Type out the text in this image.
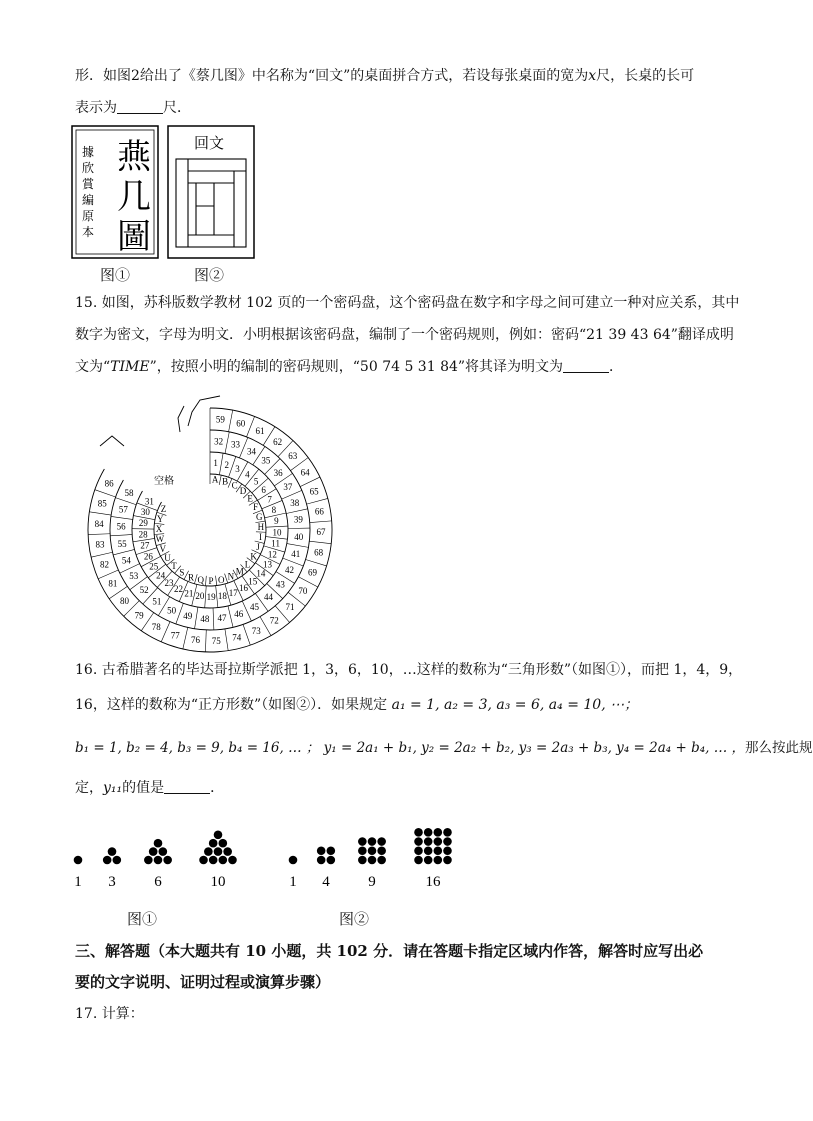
形．如图2给出了《蔡几图》中名称为“回文”的桌面拼合方式，若设每张桌面的宽为x尺，长桌的长可
表示为	尺．
燕
几
圖
據
欣
賞
編
原
本
回文
图①	图②
15. 如图，苏科版数学教材 102 页的一个密码盘，这个密码盘在数字和字母之间可建立一种对应关系，其中
数字为密文，字母为明文．小明根据该密码盘，编制了一个密码规则，例如：密码“21 39 43 64”翻译成明
文为“TIME”，按照小明的编制的密码规则，“50 74 5 31 84”将其译为明文为	．
A B C
D
E
F
G
H
I
J
K
L
M
N
O
P
Q
R
S
T
U
V
W
X
Y
Z
1 2 3
4
5
6
7
8
9
10
11
12
13
14
15
16
17
18
19
20
21
22
23
24
25
26
27
28
29
30
31
32 33
34
35
36
37
38
39
40
41
42
43
44
45
46
47
48
49
50
51
52
53
54
55
56
57
58
59 60
61
62
63
64
65
66
67
68
69
70
71
72
73
74
75
76
77
78
79
80
81
82
83
84
85
86	空格
16. 古希腊著名的毕达哥拉斯学派把 1，3，6，10，…这样的数称为“三角形数”（如图①），而把 1，4，9，
16，这样的数称为“正方形数”（如图②）．如果规定 a₁ = 1, a₂ = 3, a₃ = 6, a₄ = 10, ⋯；
b₁ = 1, b₂ = 4, b₃ = 9, b₄ = 16, … ； y₁ = 2a₁ + b₁, y₂ = 2a₂ + b₂, y₃ = 2a₃ + b₃, y₄ = 2a₄ + b₄, … ，那么按此规
定，y₁₁的值是	．
1 3	6	10	1 4	9	16
图①	图②
三、解答题（本大题共有 10 小题，共 102 分．请在答题卡指定区域内作答，解答时应写出必
要的文字说明、证明过程或演算步骤）
17. 计算：
